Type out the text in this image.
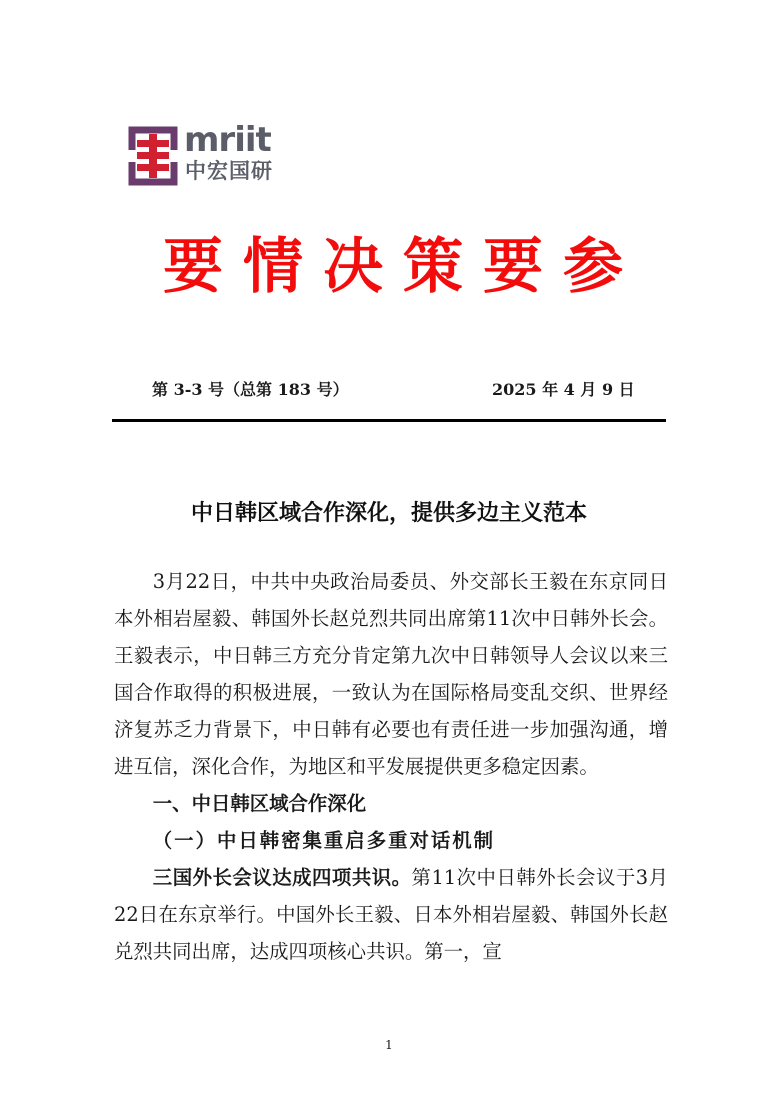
mriit
中宏国研
要情决策要参
第 3-3 号（总第 183 号）	2025 年 4 月 9 日
中日韩区域合作深化，提供多边主义范本

3月22日，中共中央政治局委员、外交部长王毅在东京同日本外相岩屋毅、韩国外长赵兑烈共同出席第11次中日韩外长会。王毅表示，中日韩三方充分肯定第九次中日韩领导人会议以来三国合作取得的积极进展，一致认为在国际格局变乱交织、世界经济复苏乏力背景下，中日韩有必要也有责任进一步加强沟通，增进互信，深化合作，为地区和平发展提供更多稳定因素。

一、中日韩区域合作深化

（一）中日韩密集重启多重对话机制

三国外长会议达成四项共识。第11次中日韩外长会议于3月22日在东京举行。中国外长王毅、日本外相岩屋毅、韩国外长赵兑烈共同出席，达成四项核心共识。第一，宣

1
